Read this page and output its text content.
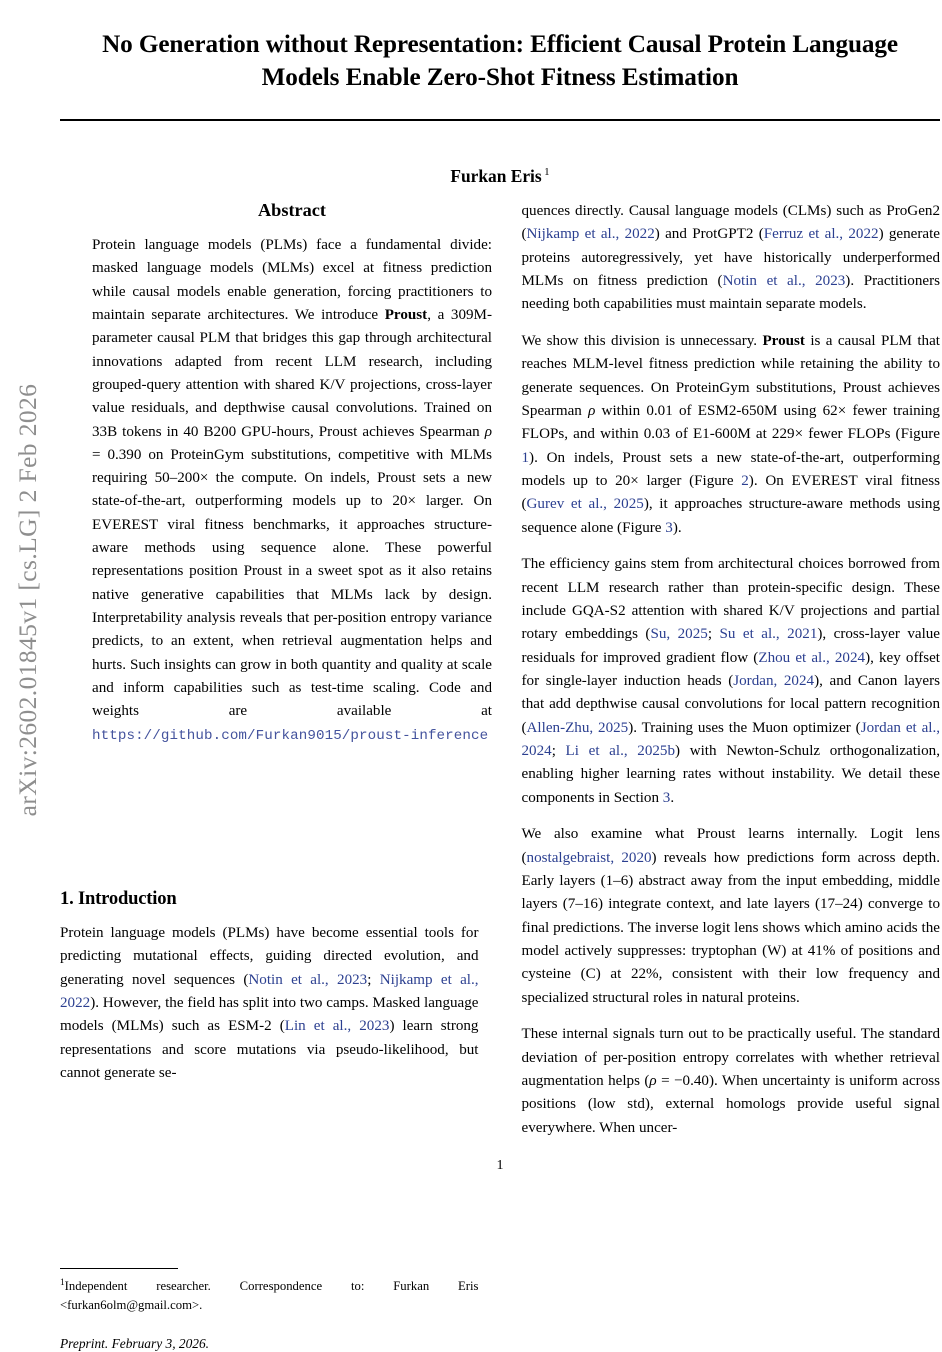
arXiv:2602.01845v1 [cs.LG] 2 Feb 2026
No Generation without Representation: Efficient Causal Protein Language Models Enable Zero-Shot Fitness Estimation
Furkan Eris $^1$
Abstract
Protein language models (PLMs) face a fundamental divide: masked language models (MLMs) excel at fitness prediction while causal models enable generation, forcing practitioners to maintain separate architectures. We introduce Proust, a 309M-parameter causal PLM that bridges this gap through architectural innovations adapted from recent LLM research, including grouped-query attention with shared K/V projections, cross-layer value residuals, and depthwise causal convolutions. Trained on 33B tokens in 40 B200 GPU-hours, Proust achieves Spearman ρ = 0.390 on ProteinGym substitutions, competitive with MLMs requiring 50–200× the compute. On indels, Proust sets a new state-of-the-art, outperforming models up to 20× larger. On EVEREST viral fitness benchmarks, it approaches structure-aware methods using sequence alone. These powerful representations position Proust in a sweet spot as it also retains native generative capabilities that MLMs lack by design. Interpretability analysis reveals that per-position entropy variance predicts, to an extent, when retrieval augmentation helps and hurts. Such insights can grow in both quantity and quality at scale and inform capabilities such as test-time scaling. Code and weights are available at https://github.com/Furkan9015/proust-inference
1. Introduction
Protein language models (PLMs) have become essential tools for predicting mutational effects, guiding directed evolution, and generating novel sequences (Notin et al., 2023; Nijkamp et al., 2022). However, the field has split into two camps. Masked language models (MLMs) such as ESM-2 (Lin et al., 2023) learn strong representations and score mutations via pseudo-likelihood, but cannot generate se-
$^1$Independent researcher. Correspondence to: Furkan Eris <furkan6olm@gmail.com>.
Preprint. February 3, 2026.
quences directly. Causal language models (CLMs) such as ProGen2 (Nijkamp et al., 2022) and ProtGPT2 (Ferruz et al., 2022) generate proteins autoregressively, yet have historically underperformed MLMs on fitness prediction (Notin et al., 2023). Practitioners needing both capabilities must maintain separate models.
We show this division is unnecessary. Proust is a causal PLM that reaches MLM-level fitness prediction while retaining the ability to generate sequences. On ProteinGym substitutions, Proust achieves Spearman ρ within 0.01 of ESM2-650M using 62× fewer training FLOPs, and within 0.03 of E1-600M at 229× fewer FLOPs (Figure 1). On indels, Proust sets a new state-of-the-art, outperforming models up to 20× larger (Figure 2). On EVEREST viral fitness (Gurev et al., 2025), it approaches structure-aware methods using sequence alone (Figure 3).
The efficiency gains stem from architectural choices borrowed from recent LLM research rather than protein-specific design. These include GQA-S2 attention with shared K/V projections and partial rotary embeddings (Su, 2025; Su et al., 2021), cross-layer value residuals for improved gradient flow (Zhou et al., 2024), key offset for single-layer induction heads (Jordan, 2024), and Canon layers that add depthwise causal convolutions for local pattern recognition (Allen-Zhu, 2025). Training uses the Muon optimizer (Jordan et al., 2024; Li et al., 2025b) with Newton-Schulz orthogonalization, enabling higher learning rates without instability. We detail these components in Section 3.
We also examine what Proust learns internally. Logit lens (nostalgebraist, 2020) reveals how predictions form across depth. Early layers (1–6) abstract away from the input embedding, middle layers (7–16) integrate context, and late layers (17–24) converge to final predictions. The inverse logit lens shows which amino acids the model actively suppresses: tryptophan (W) at 41% of positions and cysteine (C) at 22%, consistent with their low frequency and specialized structural roles in natural proteins.
These internal signals turn out to be practically useful. The standard deviation of per-position entropy correlates with whether retrieval augmentation helps (ρ = −0.40). When uncertainty is uniform across positions (low std), external homologs provide useful signal everywhere. When uncer-
1
